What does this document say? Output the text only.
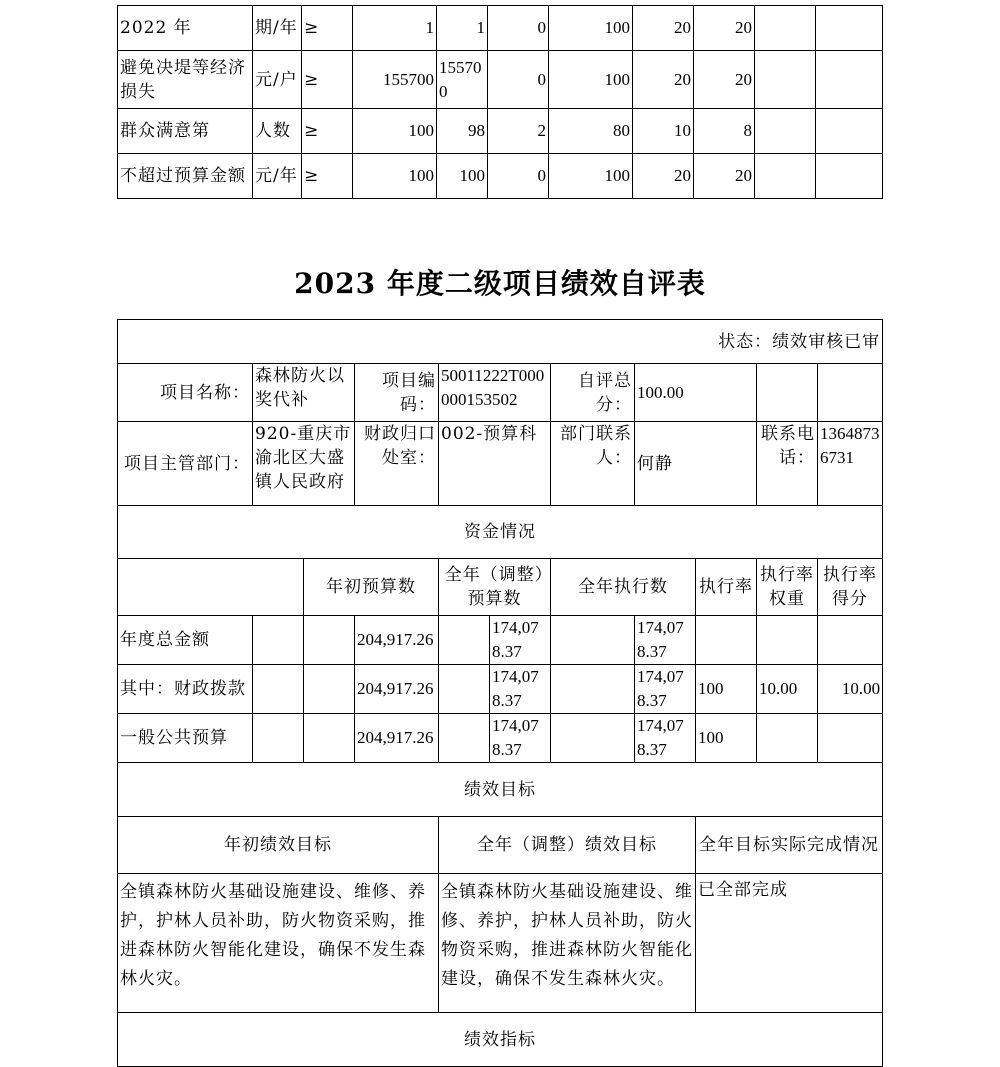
2022 年	期/年	≥	1	1	0	100	20	20		
避免决堤等经济损失	元/户	≥	155700	155700	0	100	20	20		
群众满意第	人数	≥	100	98	2	80	10	8		
不超过预算金额	元/年	≥	100	100	0	100	20	20		
2023 年度二级项目绩效自评表
状态：绩效审核已审										
项目名称：	森林防火以奖代补		项目编码：	50011222T000000153502		自评总分：	100.00			
项目主管部门：	920-重庆市渝北区大盛镇人民政府		财政归口处室：	002-预算科		部门联系人：	何静		联系电话：	13648736731
资金情况										
		年初预算数		全年（调整）预算数		全年执行数		执行率	执行率权重	执行率得分
年度总金额			204,917.26		174,078.37		174,078.37			
其中：财政拨款			204,917.26		174,078.37		174,078.37	100	10.00	10.00
一般公共预算			204,917.26		174,078.37		174,078.37	100		
绩效目标										
年初绩效目标				全年（调整）绩效目标				全年目标实际完成情况		
全镇森林防火基础设施建设、维修、养护，护林人员补助，防火物资采购，推进森林防火智能化建设，确保不发生森林火灾。				全镇森林防火基础设施建设、维修、养护，护林人员补助，防火物资采购，推进森林防火智能化建设，确保不发生森林火灾。				已全部完成		
绩效指标										
